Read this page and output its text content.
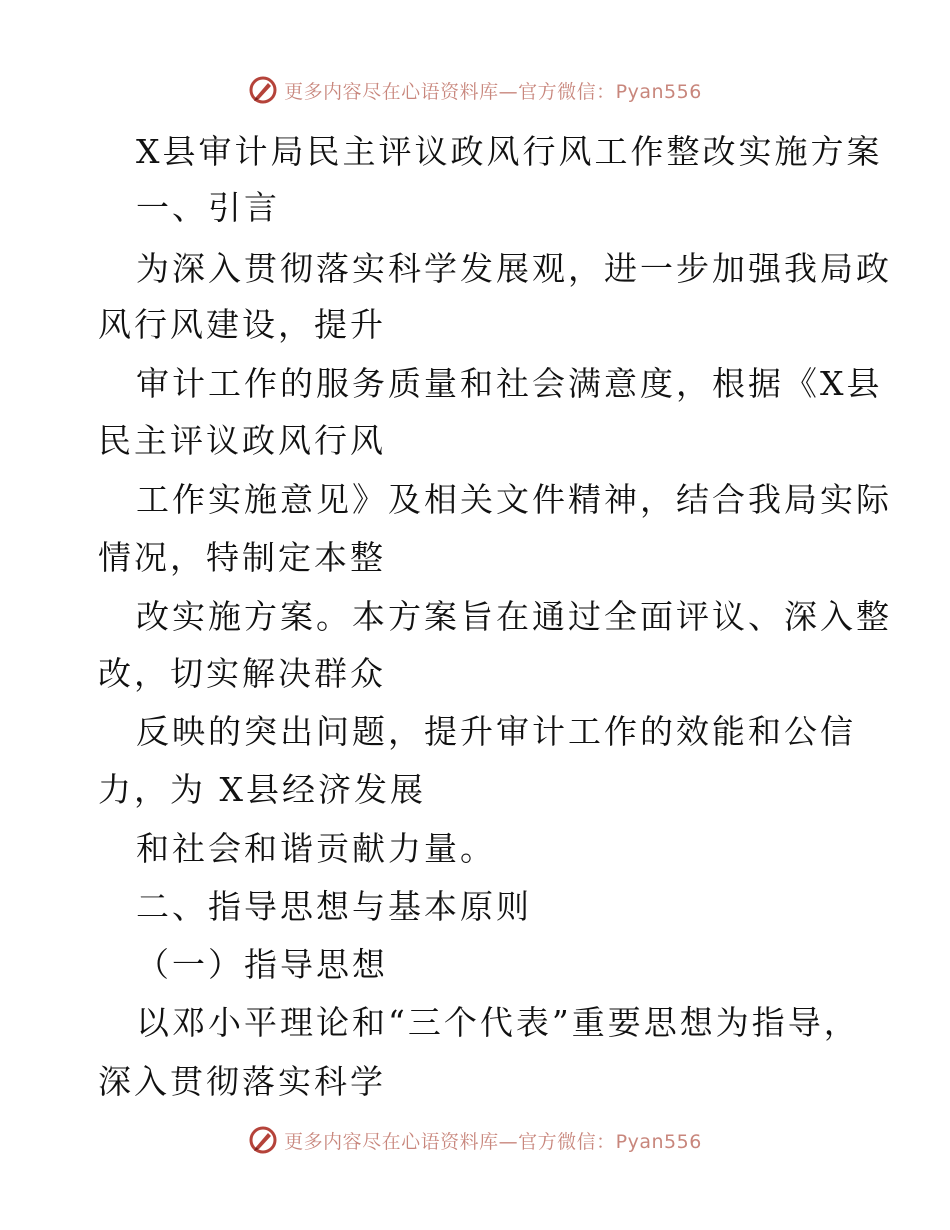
更多内容尽在心语资料库—官方微信：Pyan556
X县审计局民主评议政风行风工作整改实施方案
一、引言
为深入贯彻落实科学发展观，进一步加强我局政
风行风建设，提升
审计工作的服务质量和社会满意度，根据《X县
民主评议政风行风
工作实施意见》及相关文件精神，结合我局实际
情况，特制定本整
改实施方案。本方案旨在通过全面评议、深入整
改，切实解决群众
反映的突出问题，提升审计工作的效能和公信
力，为 X县经济发展
和社会和谐贡献力量。
二、指导思想与基本原则
（一）指导思想
以邓小平理论和“三个代表”重要思想为指导，
深入贯彻落实科学
更多内容尽在心语资料库—官方微信：Pyan556
